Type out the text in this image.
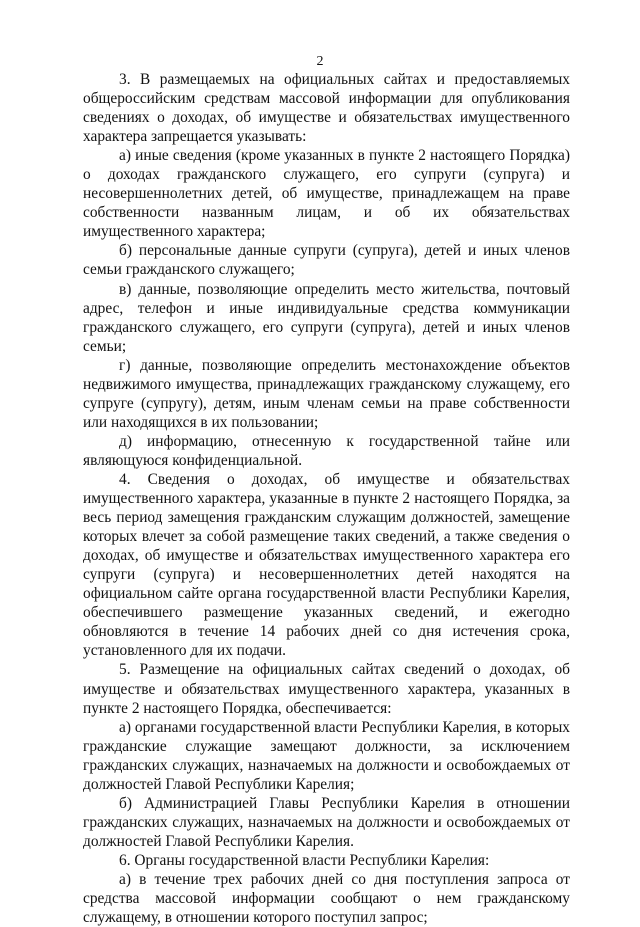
2

3. В размещаемых на официальных сайтах и предоставляемых общероссийским средствам массовой информации для опубликования сведениях о доходах, об имуществе и обязательствах имущественного характера запрещается указывать:

а) иные сведения (кроме указанных в пункте 2 настоящего Порядка) о доходах гражданского служащего, его супруги (супруга) и несовершеннолетних детей, об имуществе, принадлежащем на праве собственности названным лицам, и об их обязательствах имущественного характера;

б) персональные данные супруги (супруга), детей и иных членов семьи гражданского служащего;

в) данные, позволяющие определить место жительства, почтовый адрес, телефон и иные индивидуальные средства коммуникации гражданского служащего, его супруги (супруга), детей и иных членов семьи;

г) данные, позволяющие определить местонахождение объектов недвижимого имущества, принадлежащих гражданскому служащему, его супруге (супругу), детям, иным членам семьи на праве собственности или находящихся в их пользовании;

д) информацию, отнесенную к государственной тайне или являющуюся конфиденциальной.

4. Сведения о доходах, об имуществе и обязательствах имущественного характера, указанные в пункте 2 настоящего Порядка, за весь период замещения гражданским служащим должностей, замещение которых влечет за собой размещение таких сведений, а также сведения о доходах, об имуществе и обязательствах имущественного характера его супруги (супруга) и несовершеннолетних детей находятся на официальном сайте органа государственной власти Республики Карелия, обеспечившего размещение указанных сведений, и ежегодно обновляются в течение 14 рабочих дней со дня истечения срока, установленного для их подачи.

5. Размещение на официальных сайтах сведений о доходах, об имуществе и обязательствах имущественного характера, указанных в пункте 2 настоящего Порядка, обеспечивается:

а) органами государственной власти Республики Карелия, в которых гражданские служащие замещают должности, за исключением гражданских служащих, назначаемых на должности и освобождаемых от должностей Главой Республики Карелия;

б) Администрацией Главы Республики Карелия в отношении гражданских служащих, назначаемых на должности и освобождаемых от должностей Главой Республики Карелия.

6. Органы государственной власти Республики Карелия:

а) в течение трех рабочих дней со дня поступления запроса от средства массовой информации сообщают о нем гражданскому служащему, в отношении которого поступил запрос;
